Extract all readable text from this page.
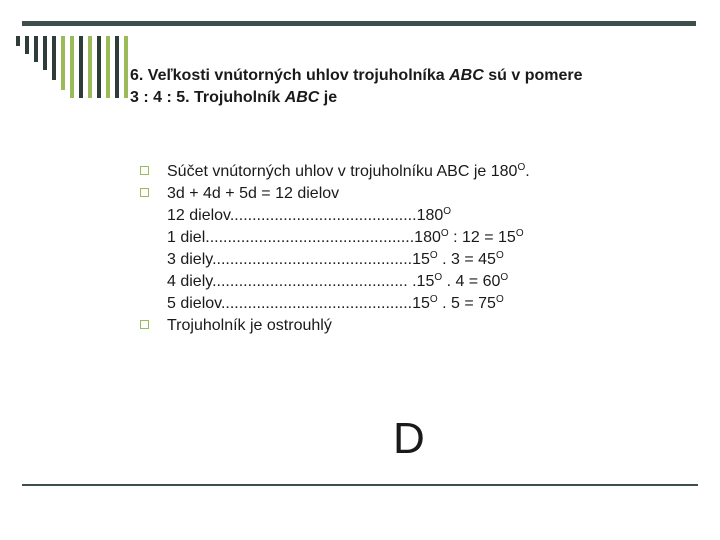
6. Veľkosti vnútorných uhlov trojuholníka ABC sú v pomere
3 : 4 : 5. Trojuholník ABC je
Súčet vnútorných uhlov v trojuholníku ABC je $180^O$.
3d + 4d + 5d = 12 dielov
12 $dielov..........................................180^O$
1 $diel...............................................180^O$ : $12 = 15^O$
3 $diely.............................................15^O$ . $3 = 45^O$
4 diely............................................ $.15^O$ . $4 = 60^O$
5 $dielov...........................................15^O$ . $5 = 75^O$
Trojuholník je ostrouhlý
D
